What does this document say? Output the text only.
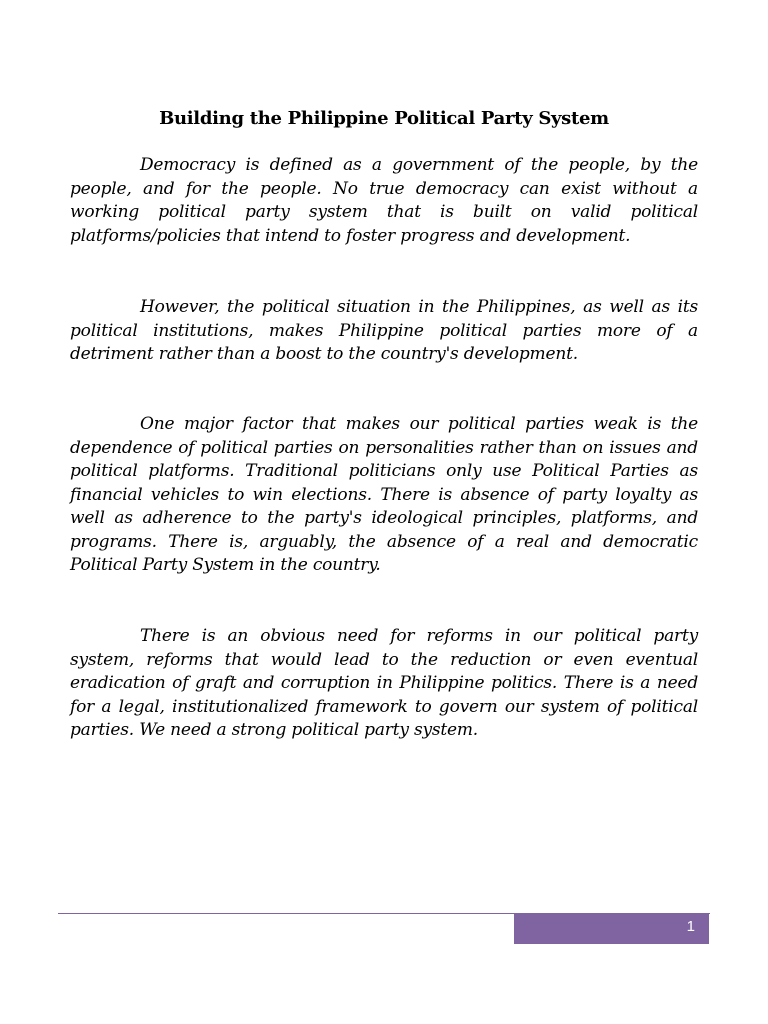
Building the Philippine Political Party System

Democracy is defined as a government of the people, by the people, and for the people. No true democracy can exist without a working political party system that is built on valid political platforms/policies that intend to foster progress and development.

However, the political situation in the Philippines, as well as its political institutions, makes Philippine political parties more of a detriment rather than a boost to the country's development.

One major factor that makes our political parties weak is the dependence of political parties on personalities rather than on issues and political platforms. Traditional politicians only use Political Parties as financial vehicles to win elections. There is absence of party loyalty as well as adherence to the party's ideological principles, platforms, and programs. There is, arguably, the absence of a real and democratic Political Party System in the country.

There is an obvious need for reforms in our political party system, reforms that would lead to the reduction or even eventual eradication of graft and corruption in Philippine politics. There is a need for a legal, institutionalized framework to govern our system of political parties. We need a strong political party system.

1
